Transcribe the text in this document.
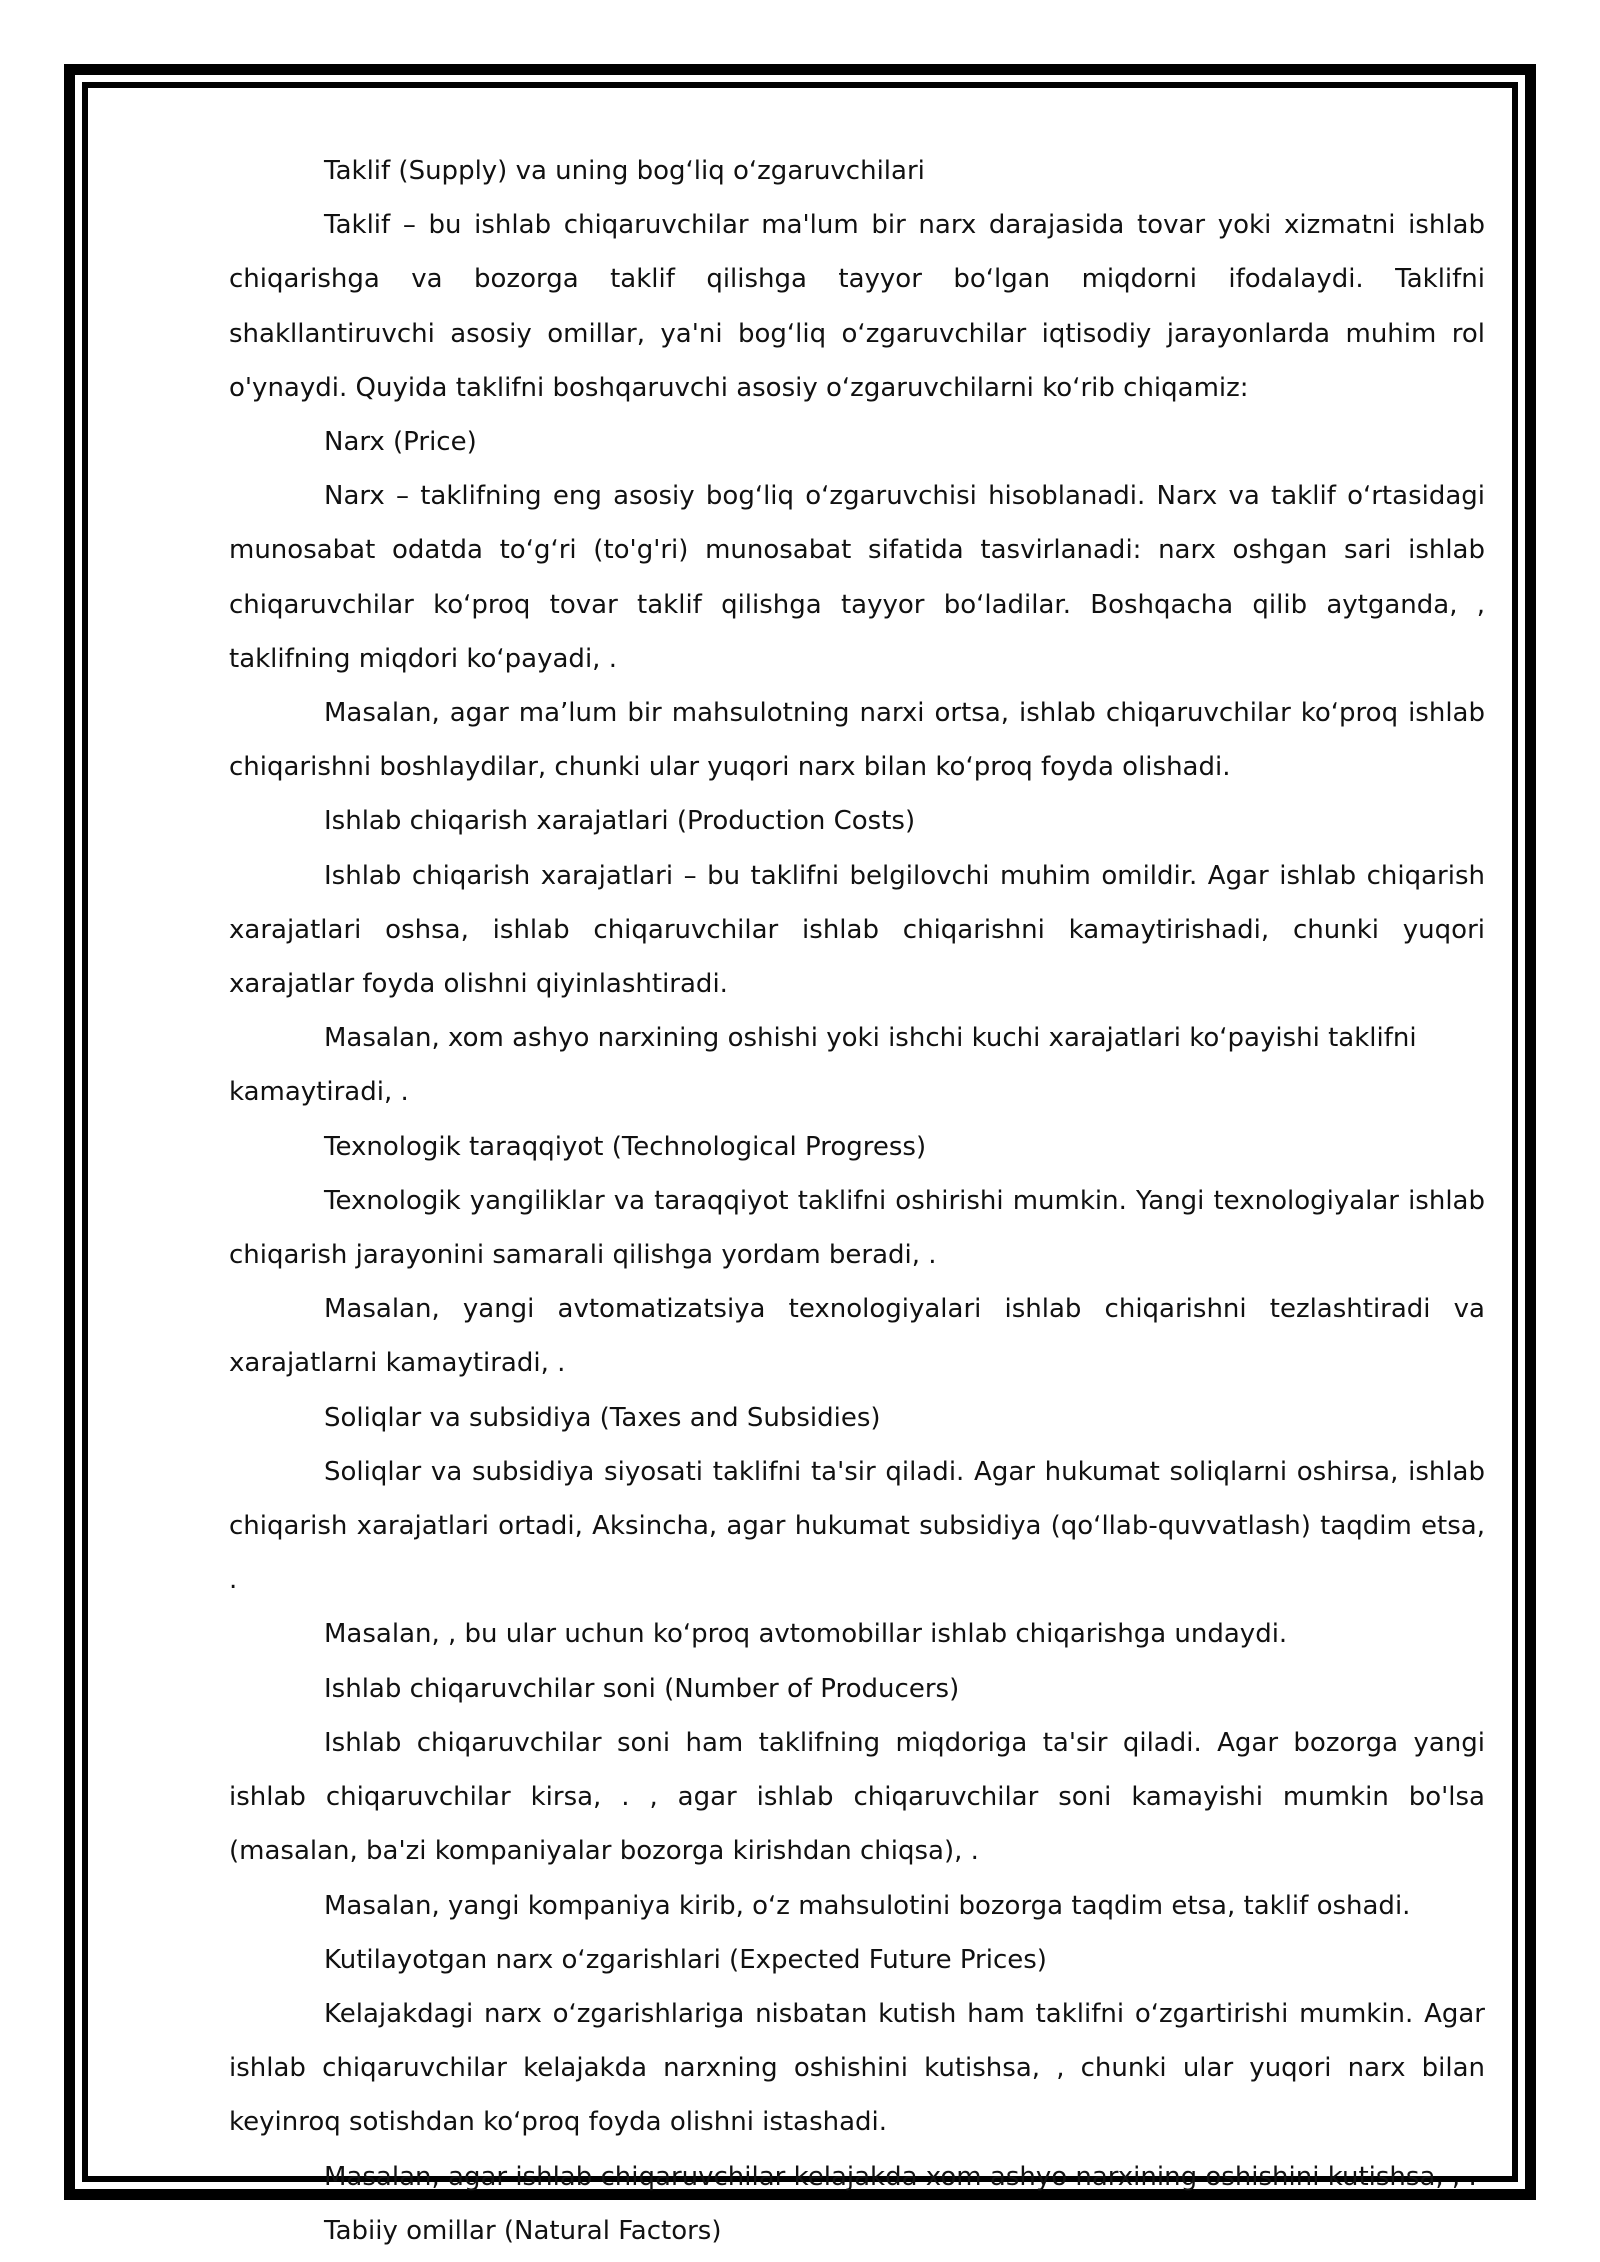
Taklif (Supply) va uning bogʻliq oʻzgaruvchilari

Taklif – bu ishlab chiqaruvchilar ma'lum bir narx darajasida tovar yoki xizmatni ishlab chiqarishga va bozorga taklif qilishga tayyor boʻlgan miqdorni ifodalaydi. Taklifni shakllantiruvchi asosiy omillar, ya'ni bogʻliq oʻzgaruvchilar iqtisodiy jarayonlarda muhim rol o'ynaydi. Quyida taklifni boshqaruvchi asosiy oʻzgaruvchilarni koʻrib chiqamiz:

Narx (Price)

Narx – taklifning eng asosiy bogʻliq oʻzgaruvchisi hisoblanadi. Narx va taklif oʻrtasidagi munosabat odatda toʻgʻri (to'g'ri) munosabat sifatida tasvirlanadi: narx oshgan sari ishlab chiqaruvchilar koʻproq tovar taklif qilishga tayyor boʻladilar. Boshqacha qilib aytganda, , taklifning miqdori koʻpayadi, .

Masalan, agar maʼlum bir mahsulotning narxi ortsa, ishlab chiqaruvchilar koʻproq ishlab chiqarishni boshlaydilar, chunki ular yuqori narx bilan koʻproq foyda olishadi.

Ishlab chiqarish xarajatlari (Production Costs)

Ishlab chiqarish xarajatlari – bu taklifni belgilovchi muhim omildir. Agar ishlab chiqarish xarajatlari oshsa, ishlab chiqaruvchilar ishlab chiqarishni kamaytirishadi, chunki yuqori xarajatlar foyda olishni qiyinlashtiradi.

Masalan, xom ashyo narxining oshishi yoki ishchi kuchi xarajatlari koʻpayishi taklifni kamaytiradi, .

Texnologik taraqqiyot (Technological Progress)

Texnologik yangiliklar va taraqqiyot taklifni oshirishi mumkin. Yangi texnologiyalar ishlab chiqarish jarayonini samarali qilishga yordam beradi, .

Masalan, yangi avtomatizatsiya texnologiyalari ishlab chiqarishni tezlashtiradi va xarajatlarni kamaytiradi, .

Soliqlar va subsidiya (Taxes and Subsidies)

Soliqlar va subsidiya siyosati taklifni ta'sir qiladi. Agar hukumat soliqlarni oshirsa, ishlab chiqarish xarajatlari ortadi, Aksincha, agar hukumat subsidiya (qoʻllab-quvvatlash) taqdim etsa, .

Masalan, , bu ular uchun koʻproq avtomobillar ishlab chiqarishga undaydi.

Ishlab chiqaruvchilar soni (Number of Producers)

Ishlab chiqaruvchilar soni ham taklifning miqdoriga ta'sir qiladi. Agar bozorga yangi ishlab chiqaruvchilar kirsa, . , agar ishlab chiqaruvchilar soni kamayishi mumkin bo'lsa (masalan, ba'zi kompaniyalar bozorga kirishdan chiqsa), .

Masalan, yangi kompaniya kirib, oʻz mahsulotini bozorga taqdim etsa, taklif oshadi.

Kutilayotgan narx oʻzgarishlari (Expected Future Prices)

Kelajakdagi narx oʻzgarishlariga nisbatan kutish ham taklifni oʻzgartirishi mumkin. Agar ishlab chiqaruvchilar kelajakda narxning oshishini kutishsa, , chunki ular yuqori narx bilan keyinroq sotishdan koʻproq foyda olishni istashadi.

Masalan, agar ishlab chiqaruvchilar kelajakda xom ashyo narxining oshishini kutishsa, , .

Tabiiy omillar (Natural Factors)
